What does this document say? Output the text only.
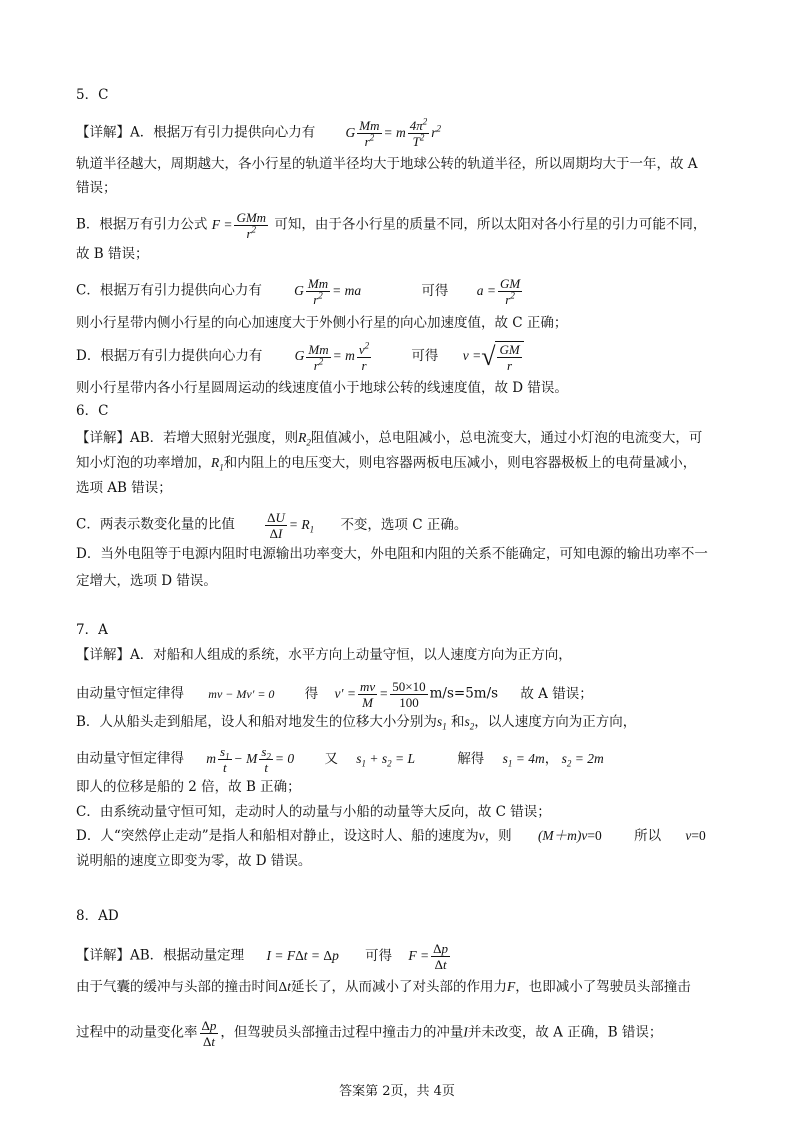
5．C
【详解】A．根据万有引力提供向心力有 G $\frac{Mm}{r^2} = m \frac{4\pi^2}{T^2} r^2$
轨道半径越大，周期越大，各小行星的轨道半径均大于地球公转的轨道半径，所以周期均大于一年，故 A
错误；
B．根据万有引力公式 $F = \frac{\text{GMm}}{r^2}$ 可知，由于各小行星的质量不同，所以太阳对各小行星的引力可能不同，
故 B 错误；
C．根据万有引力提供向心力有 G $\frac{Mm}{r^2}$ = ma	可得 $a = \frac{GM}{r^2}$
则小行星带内侧小行星的向心加速度大于外侧小行星的向心加速度值，故 C 正确；
D．根据万有引力提供向心力有 G $\frac{Mm}{r^2} = m \frac{v^2}{r}$	可得 v =√ $\frac{GM}{r}$
则小行星带内各小行星圆周运动的线速度值小于地球公转的线速度值，故 D 错误。
6．C
【详解】AB．若增大照射光强度，则$R_2$阻值减小，总电阻减小，总电流变大，通过小灯泡的电流变大，可
知小灯泡的功率增加，$R_1$和内阻上的电压变大，则电容器两板电压减小，则电容器极板上的电荷量减小，
选项 AB 错误；
C．两表示数变化量的比值 $\frac{\Delta U}{\Delta I} = R_1$ 不变，选项 C 正确。
D．当外电阻等于电源内阻时电源输出功率变大，外电阻和内阻的关系不能确定，可知电源的输出功率不一
定增大，选项 D 错误。
7．A
【详解】A．对船和人组成的系统，水平方向上动量守恒，以人速度方向为正方向，
由动量守恒定律得 mv − Mv′ = 0 得 $v' = \frac{mv}{M} = \frac{50\times 10}{100} m/s=5m/s$ 故 A 错误；
B．人从船头走到船尾，设人和船对地发生的位移大小分别为$s_1$ 和$s_2$，以人速度方向为正方向，
由动量守恒定律得 m $\frac{s_1}{t} - M \frac{s_2}{t} = 0$ 又 $s_1 + s_2 = L$	解得 $s_1 = 4m$， $s_2 = 2m$
即人的位移是船的 2 倍，故 B 正确；
C．由系统动量守恒可知，走动时人的动量与小船的动量等大反向，故 C 错误；
D．人“突然停止走动”是指人和船相对静止，设这时人、船的速度为v，则 (M＋m)v=0 所以 v=0
说明船的速度立即变为零，故 D 错误。
8．AD
【详解】AB．根据动量定理 I = FΔt = Δp 可得 $F = \frac{\Delta p}{\Delta t}$
由于气囊的缓冲与头部的撞击时间Δt延长了，从而减小了对头部的作用力F，也即减小了驾驶员头部撞击
过程中的动量变化率 $\frac{\Delta p}{\Delta t}$ ，但驾驶员头部撞击过程中撞击力的冲量I并未改变，故 A 正确，B 错误；
答案第 2页，共 4页
